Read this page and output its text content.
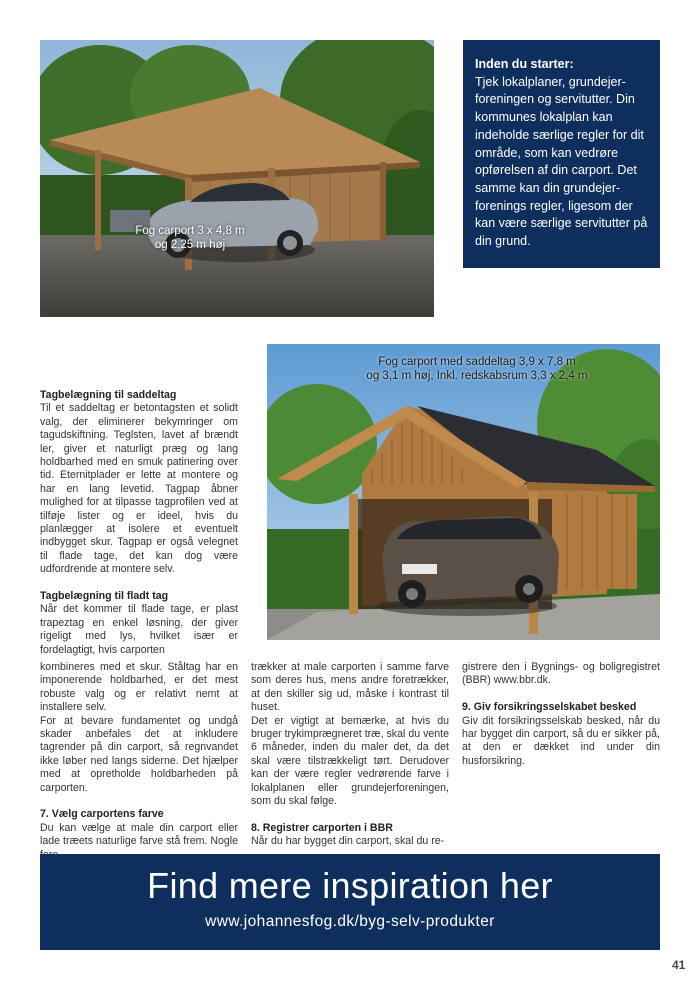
Fog carport 3 x 4,8 m
og 2,25 m høj
Inden du starter:
Tjek lokalplaner, grundejer-foreningen og servitutter. Din kommunes lokalplan kan indeholde særlige regler for dit område, som kan vedrøre opførelsen af din carport. Det samme kan din grundejer-forenings regler, ligesom der kan være særlige servitutter på din grund.
Fog carport med saddeltag 3,9 x 7,8 m
og 3,1 m høj, Inkl. redskabsrum 3,3 x 2,4 m
Tagbelægning til saddeltag

Til et saddeltag er betontagsten et solidt valg, der eliminerer bekymringer om tagudskiftning. Teglsten, lavet af brændt ler, giver et naturligt præg og lang holdbarhed med en smuk patinering over tid. Eternitplader er lette at montere og har en lang levetid. Tagpap åbner mulighed for at tilpasse tagprofilen ved at tilføje lister og er ideel, hvis du planlægger at isolere et eventuelt indbygget skur. Tagpap er også velegnet til flade tage, det kan dog være udfordrende at montere selv.

Tagbelægning til fladt tag

Når det kommer til flade tage, er plast trapeztag en enkel løsning, der giver rigeligt med lys, hvilket især er fordelagtigt, hvis carporten

kombineres med et skur. Ståltag har en imponerende holdbarhed, er det mest robuste valg og er relativt nemt at installere selv.

For at bevare fundamentet og undgå skader anbefales det at inkludere tagrender på din carport, så regnvandet ikke løber ned langs siderne. Det hjælper med at opretholde holdbarheden på carporten.

7. Vælg carportens farve

Du kan vælge at male din carport eller lade træets naturlige farve stå frem. Nogle

trækker at male carporten i samme farve som deres hus, mens andre foretrækker, at den skiller sig ud, måske i kontrast til huset.

Det er vigtigt at bemærke, at hvis du bruger trykimprægneret træ, skal du vente 6 måneder, inden du maler det, da det skal være tilstrækkeligt tørt. Derudover kan der være regler vedrørende farve i lokalplanen eller grundejerforeningen, som du skal følge.

8. Registrer carporten i BBR

Når du har bygget din carport, skal du re-

gistrere den i Bygnings- og boligregistret (BBR) www.bbr.dk.

9. Giv forsikringsselskabet besked

Giv dit forsikringsselskab besked, når du har bygget din carport, så du er sikker på, at den er dækket ind under din husforsikring.

Find mere inspiration her
www.johannesfog.dk/byg-selv-produkter
41
